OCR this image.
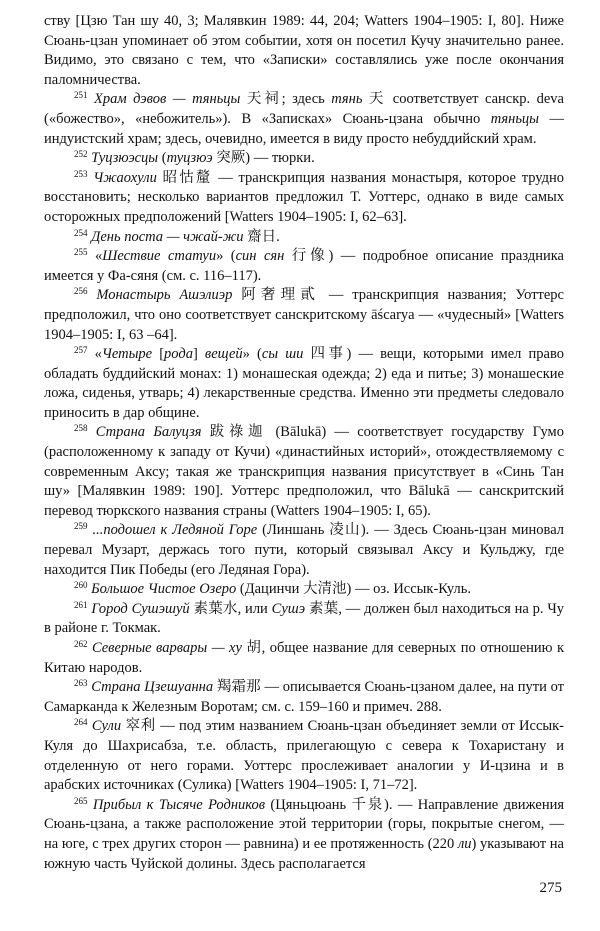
ству [Цзю Тан шу 40, 3; Малявкин 1989: 44, 204; Watters 1904–1905: I, 80]. Ниже Сюань-цзан упоминает об этом событии, хотя он посетил Кучу значительно ранее. Видимо, это связано с тем, что «Записки» составлялись уже после окончания паломничества.

$^{251}$ Храм дэвов — тяньцы 天祠; здесь тянь 天 соответствует санскр. deva («божество», «небожитель»). В «Записках» Сюань-цзана обычно тяньцы — индуистский храм; здесь, очевидно, имеется в виду просто небуддийский храм.

$^{252}$ Туцзюэсцы (туцзюэ 突厥) — тюрки.

$^{253}$ Чжаохули 昭怙釐 — транскрипция названия монастыря, которое трудно восстановить; несколько вариантов предложил Т. Уоттерс, однако в виде самых осторожных предположений [Watters 1904–1905: I, 62–63].

$^{254}$ День поста — чжай-жи 齋日.

$^{255}$ «Шествие статуи» (син сян 行像) — подробное описание праздника имеется у Фа-сяня (см. с. 116–117).

$^{256}$ Монастырь Ашэлиэр 阿奢理貳 — транскрипция названия; Уоттерс предположил, что оно соответствует санскритскому āścarya — «чудесный» [Watters 1904–1905: I, 63 –64].

$^{257}$ «Четыре [рода] вещей» (сы ши 四事) — вещи, которыми имел право обладать буддийский монах: 1) монашеская одежда; 2) еда и питье; 3) монашеские ложа, сиденья, утварь; 4) лекарственные средства. Именно эти предметы следовало приносить в дар общине.

$^{258}$ Страна Балуцзя 跋祿迦 (Bālukā) — соответствует государству Гумо (расположенному к западу от Кучи) «династийных историй», отождествляемому с современным Аксу; такая же транскрипция названия присутствует в «Синь Тан шу» [Малявкин 1989: 190]. Уоттерс предположил, что Bālukā — санскритский перевод тюркского названия страны (Watters 1904–1905: I, 65).

$^{259}$ ...подошел к Ледяной Горе (Линшань 凌山). — Здесь Сюань-цзан миновал перевал Музарт, держась того пути, который связывал Аксу и Кульджу, где находится Пик Победы (его Ледяная Гора).

$^{260}$ Большое Чистое Озеро (Дацинчи 大清池) — оз. Иссык-Куль.

$^{261}$ Город Сушэшуй 素葉水, или Сушэ 素葉, — должен был находиться на р. Чу в районе г. Токмак.

$^{262}$ Северные варвары — ху 胡, общее название для северных по отношению к Китаю народов.

$^{263}$ Страна Цзешуанна 羯霜那 — описывается Сюань-цзаном далее, на пути от Самарканда к Железным Воротам; см. с. 159–160 и примеч. 288.

$^{264}$ Сули 窣利 — под этим названием Сюань-цзан объединяет земли от Иссык-Куля до Шахрисабза, т.е. область, прилегающую с севера к Тохаристану и отделенную от него горами. Уоттерс прослеживает аналогии у И-цзина и в арабских источниках (Сулика) [Watters 1904–1905: I, 71–72].

$^{265}$ Прибыл к Тысяче Родников (Цяньцюань 千泉). — Направление движения Сюань-цзана, а также расположение этой территории (горы, покрытые снегом, — на юге, с трех других сторон — равнина) и ее протяженность (220 ли) указывают на южную часть Чуйской долины. Здесь располагается

275
